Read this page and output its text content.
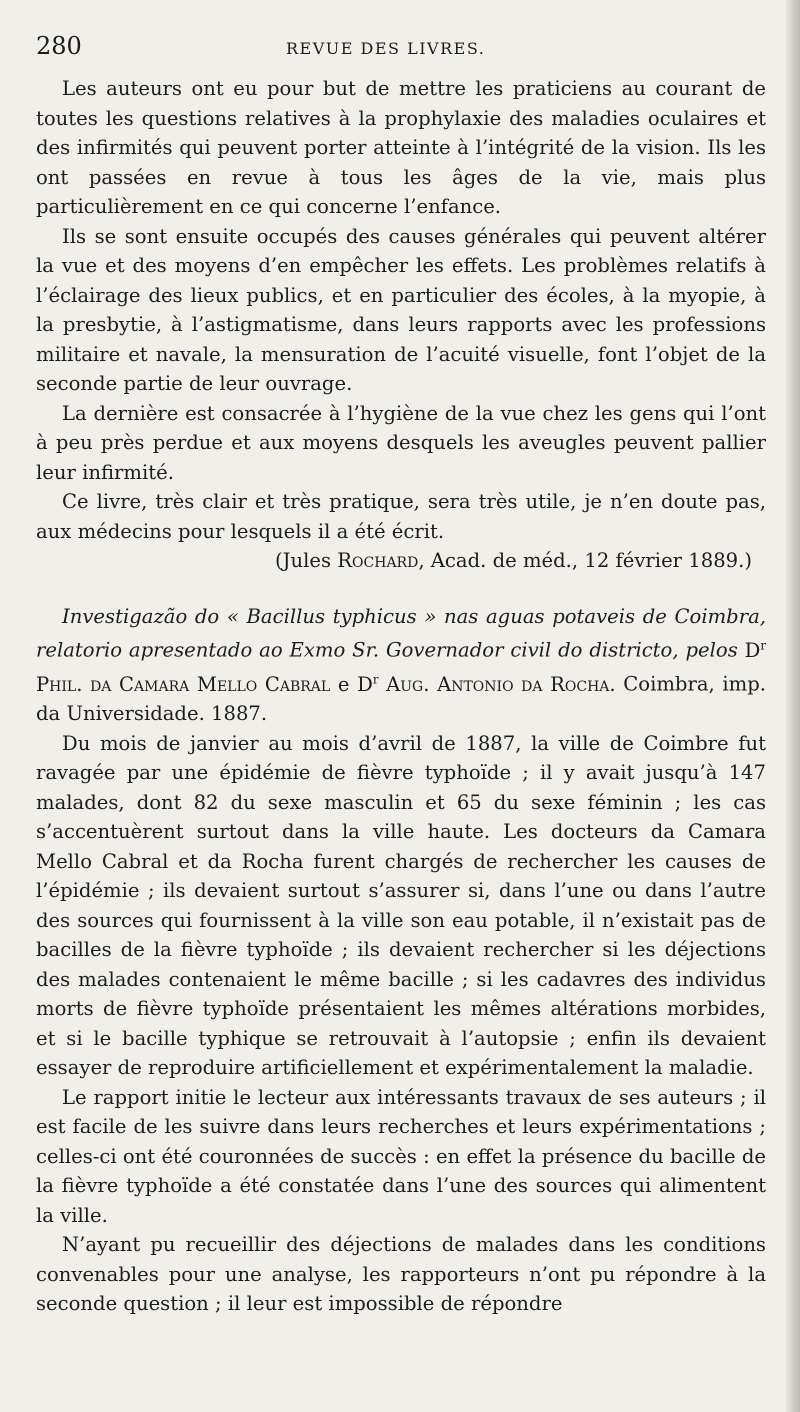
280	REVUE DES LIVRES.

Les auteurs ont eu pour but de mettre les praticiens au courant de toutes les questions relatives à la prophylaxie des maladies oculaires et des infirmités qui peuvent porter atteinte à l’intégrité de la vision. Ils les ont passées en revue à tous les âges de la vie, mais plus particulièrement en ce qui concerne l’enfance.

Ils se sont ensuite occupés des causes générales qui peuvent altérer la vue et des moyens d’en empêcher les effets. Les problèmes relatifs à l’éclairage des lieux publics, et en particulier des écoles, à la myopie, à la presbytie, à l’astigmatisme, dans leurs rapports avec les professions militaire et navale, la mensuration de l’acuité visuelle, font l’objet de la seconde partie de leur ouvrage.

La dernière est consacrée à l’hygiène de la vue chez les gens qui l’ont à peu près perdue et aux moyens desquels les aveugles peuvent pallier leur infirmité.

Ce livre, très clair et très pratique, sera très utile, je n’en doute pas, aux médecins pour lesquels il a été écrit.

(Jules Rochard, Acad. de méd., 12 février 1889.)

Investigazão do « Bacillus typhicus » nas aguas potaveis de Coimbra, relatorio apresentado ao Exmo Sr. Governador civil do districto, pelos $D^r$ Phil. da Camara Mello Cabral e $D^r$ Aug. Antonio da Rocha. Coimbra, imp. da Universidade. 1887.

Du mois de janvier au mois d’avril de 1887, la ville de Coimbre fut ravagée par une épidémie de fièvre typhoïde ; il y avait jusqu’à 147 malades, dont 82 du sexe masculin et 65 du sexe féminin ; les cas s’accentuèrent surtout dans la ville haute. Les docteurs da Camara Mello Cabral et da Rocha furent chargés de rechercher les causes de l’épidémie ; ils devaient surtout s’assurer si, dans l’une ou dans l’autre des sources qui fournissent à la ville son eau potable, il n’existait pas de bacilles de la fièvre typhoïde ; ils devaient rechercher si les déjections des malades contenaient le même bacille ; si les cadavres des individus morts de fièvre typhoïde présentaient les mêmes altérations morbides, et si le bacille typhique se retrouvait à l’autopsie ; enfin ils devaient essayer de reproduire artificiellement et expérimentalement la maladie.

Le rapport initie le lecteur aux intéressants travaux de ses auteurs ; il est facile de les suivre dans leurs recherches et leurs expérimentations ; celles-ci ont été couronnées de succès : en effet la présence du bacille de la fièvre typhoïde a été constatée dans l’une des sources qui alimentent la ville.

N’ayant pu recueillir des déjections de malades dans les conditions convenables pour une analyse, les rapporteurs n’ont pu répondre à la seconde question ; il leur est impossible de répondre
